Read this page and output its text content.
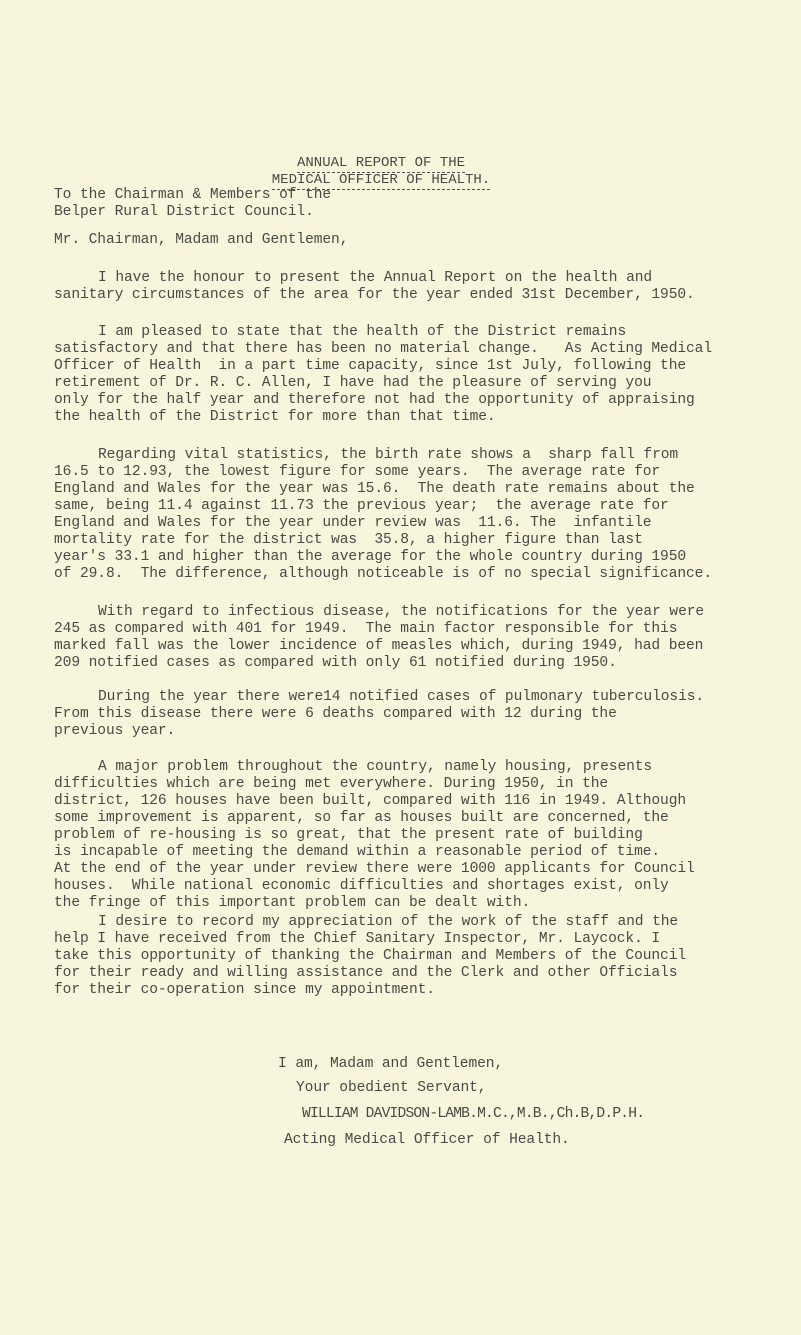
ANNUAL REPORT OF THE
MEDICAL OFFICER OF HEALTH.
To the Chairman & Members of the
Belper Rural District Council.
Mr. Chairman, Madam and Gentlemen,
I have the honour to present the Annual Report on the health and
sanitary circumstances of the area for the year ended 31st December, 1950.
I am pleased to state that the health of the District remains
satisfactory and that there has been no material change.   As Acting Medical
Officer of Health  in a part time capacity, since 1st July, following the
retirement of Dr. R. C. Allen, I have had the pleasure of serving you
only for the half year and therefore not had the opportunity of appraising
the health of the District for more than that time.
Regarding vital statistics, the birth rate shows a  sharp fall from
16.5 to 12.93, the lowest figure for some years.  The average rate for
England and Wales for the year was 15.6.  The death rate remains about the
same, being 11.4 against 11.73 the previous year;  the average rate for
England and Wales for the year under review was  11.6. The  infantile
mortality rate for the district was  35.8, a higher figure than last
year's 33.1 and higher than the average for the whole country during 1950
of 29.8.  The difference, although noticeable is of no special significance.
With regard to infectious disease, the notifications for the year were
245 as compared with 401 for 1949.  The main factor responsible for this
marked fall was the lower incidence of measles which, during 1949, had been
209 notified cases as compared with only 61 notified during 1950.
During the year there were14 notified cases of pulmonary tuberculosis.
From this disease there were 6 deaths compared with 12 during the
previous year.
A major problem throughout the country, namely housing, presents
difficulties which are being met everywhere. During 1950, in the
district, 126 houses have been built, compared with 116 in 1949. Although
some improvement is apparent, so far as houses built are concerned, the
problem of re-housing is so great, that the present rate of building
is incapable of meeting the demand within a reasonable period of time.
At the end of the year under review there were 1000 applicants for Council
houses.  While national economic difficulties and shortages exist, only
the fringe of this important problem can be dealt with.
I desire to record my appreciation of the work of the staff and the
help I have received from the Chief Sanitary Inspector, Mr. Laycock. I
take this opportunity of thanking the Chairman and Members of the Council
for their ready and willing assistance and the Clerk and other Officials
for their co-operation since my appointment.
I am, Madam and Gentlemen,
Your obedient Servant,
WILLIAM DAVIDSON-LAMB.M.C.,M.B.,Ch.B,D.P.H.
Acting Medical Officer of Health.
